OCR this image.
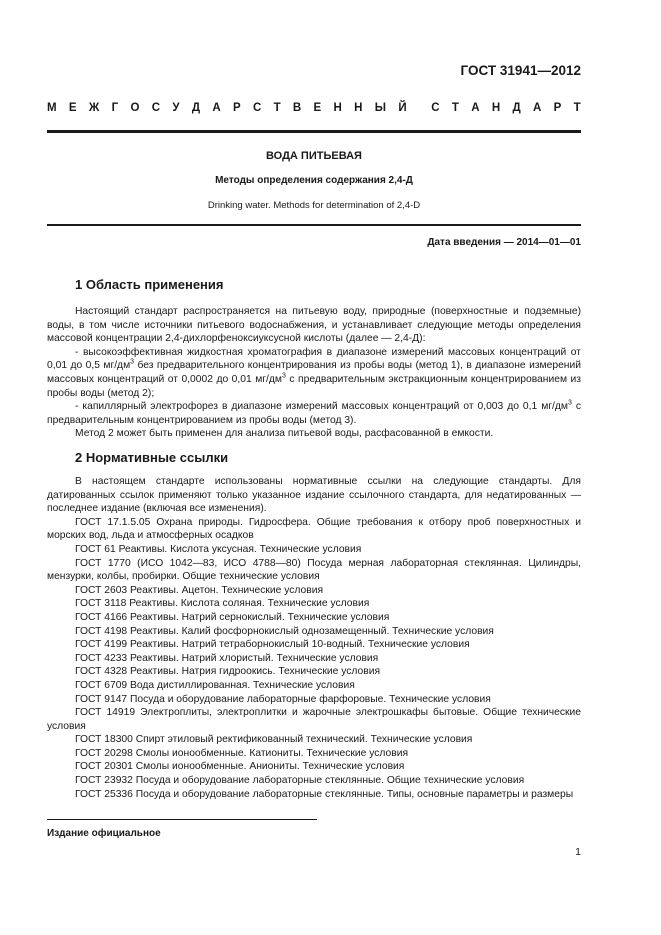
ГОСТ 31941—2012
М Е Ж Г О С У Д А Р С Т В Е Н Н Ы Й С Т А Н Д А Р Т
ВОДА ПИТЬЕВАЯ
Методы определения содержания 2,4-Д
Drinking water. Methods for determination of 2,4-D
Дата введения — 2014—01—01
1 Область применения

Настоящий стандарт распространяется на питьевую воду, природные (поверхностные и подземные) воды, в том числе источники питьевого водоснабжения, и устанавливает следующие методы определения массовой концентрации 2,4-дихлорфеноксиуксусной кислоты (далее — 2,4-Д):

- высокоэффективная жидкостная хроматография в диапазоне измерений массовых концентраций от 0,01 до 0,5 $мг/дм^3$ без предварительного концентрирования из пробы воды (метод 1), в диапазоне измерений массовых концентраций от 0,0002 до 0,01 $мг/дм^3$ с предварительным экстракционным концентрированием из пробы воды (метод 2);

- капиллярный электрофорез в диапазоне измерений массовых концентраций от 0,003 до 0,1 $мг/дм^3$ с предварительным концентрированием из пробы воды (метод 3).

Метод 2 может быть применен для анализа питьевой воды, расфасованной в емкости.

2 Нормативные ссылки
В настоящем стандарте использованы нормативные ссылки на следующие стандарты. Для датированных ссылок применяют только указанное издание ссылочного стандарта, для недатированных — последнее издание (включая все изменения).
ГОСТ 17.1.5.05 Охрана природы. Гидросфера. Общие требования к отбору проб поверхностных и морских вод, льда и атмосферных осадков
ГОСТ 61 Реактивы. Кислота уксусная. Технические условия
ГОСТ 1770 (ИСО 1042—83, ИСО 4788—80) Посуда мерная лабораторная стеклянная. Цилиндры, мензурки, колбы, пробирки. Общие технические условия
ГОСТ 2603 Реактивы. Ацетон. Технические условия
ГОСТ 3118 Реактивы. Кислота соляная. Технические условия
ГОСТ 4166 Реактивы. Натрий сернокислый. Технические условия
ГОСТ 4198 Реактивы. Калий фосфорнокислый однозамещенный. Технические условия
ГОСТ 4199 Реактивы. Натрий тетраборнокислый 10-водный. Технические условия
ГОСТ 4233 Реактивы. Натрий хлористый. Технические условия
ГОСТ 4328 Реактивы. Натрия гидроокись. Технические условия
ГОСТ 6709 Вода дистиллированная. Технические условия
ГОСТ 9147 Посуда и оборудование лабораторные фарфоровые. Технические условия
ГОСТ 14919 Электроплиты, электроплитки и жарочные электрошкафы бытовые. Общие технические условия
ГОСТ 18300 Спирт этиловый ректификованный технический. Технические условия
ГОСТ 20298 Смолы ионообменные. Катиониты. Технические условия
ГОСТ 20301 Смолы ионообменные. Аниониты. Технические условия
ГОСТ 23932 Посуда и оборудование лабораторные стеклянные. Общие технические условия
ГОСТ 25336 Посуда и оборудование лабораторные стеклянные. Типы, основные параметры и размеры
Издание официальное
1
